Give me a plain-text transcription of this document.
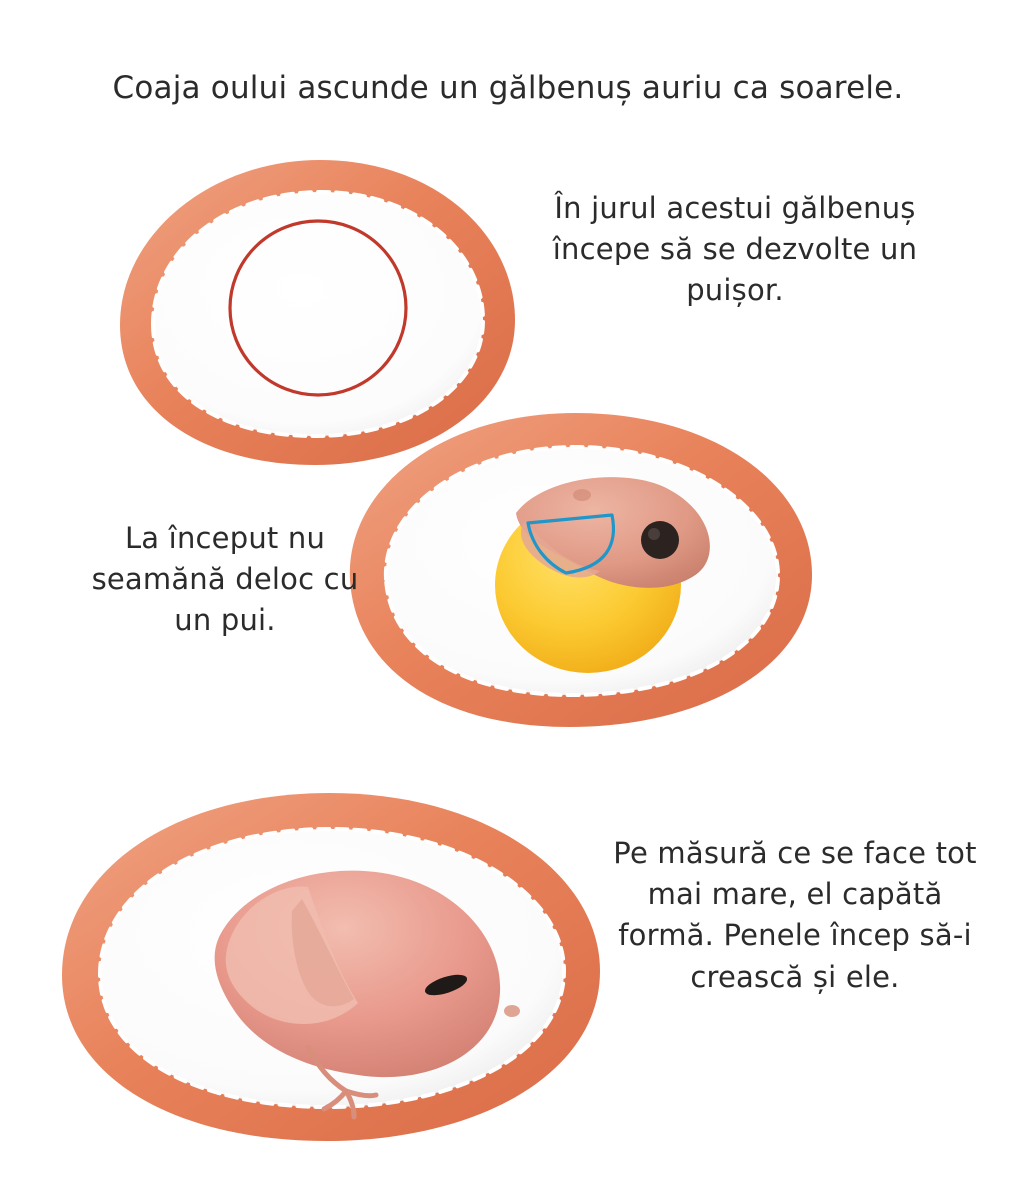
Coaja oului ascunde un gălbenuș auriu ca soarele.
În jurul acestui gălbenuș începe să se dezvolte un puișor.
La început nu seamănă deloc cu un pui.
Pe măsură ce se face tot mai mare, el capătă formă. Penele încep să-i crească și ele.
